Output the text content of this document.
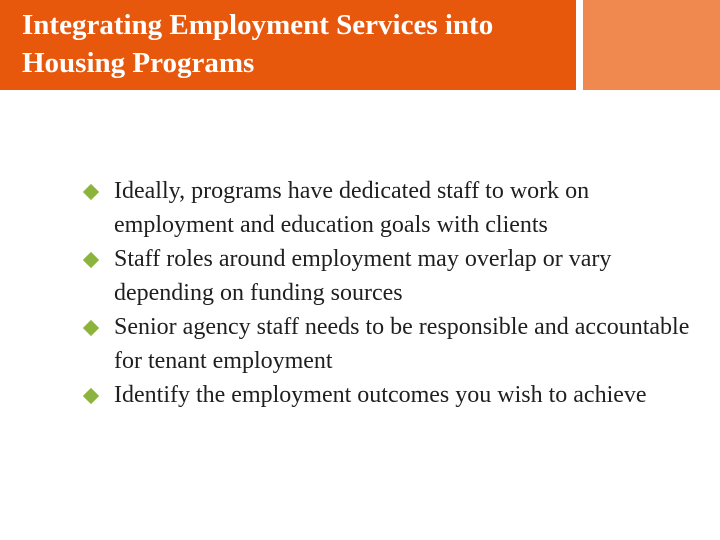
Integrating Employment Services into
Housing Programs
Ideally, programs have dedicated staff to work on employment and education goals with clients
Staff roles around employment may overlap or vary depending on funding sources
Senior agency staff needs to be responsible and accountable for tenant employment
Identify the employment outcomes you wish to achieve
